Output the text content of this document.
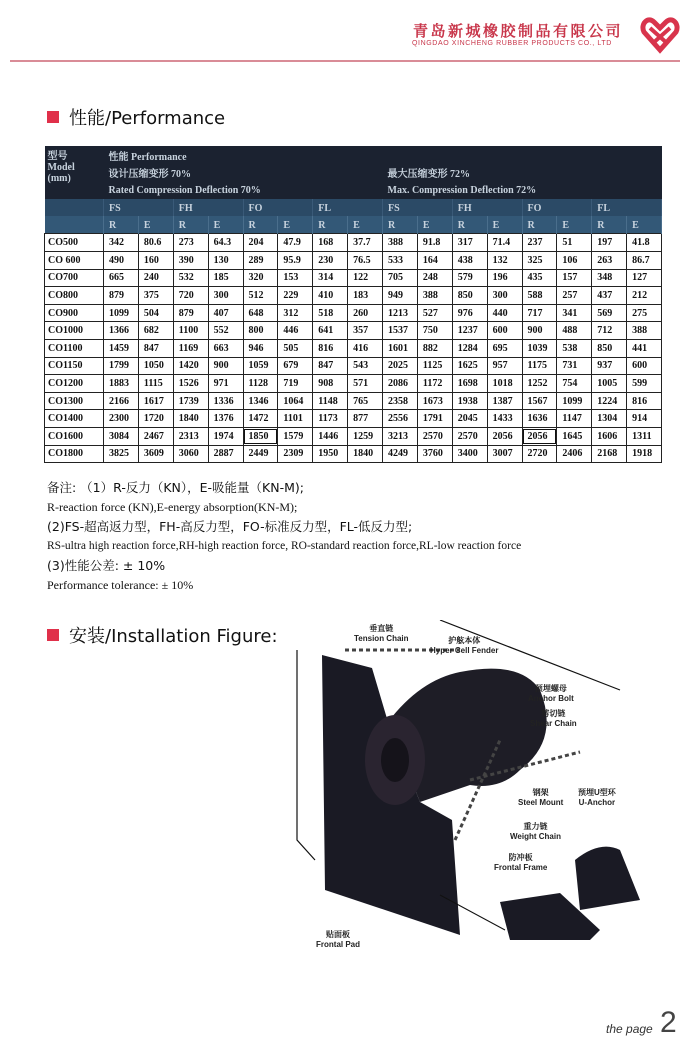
青岛新城橡胶制品有限公司
QINGDAO XINCHENG RUBBER PRODUCTS CO., LTD
性能/Performance
型号
Model
(mm)	性能 Performance															
	设计压缩变形 70%								最大压缩变形 72%							
	Rated Compression Deflection 70%								Max. Compression Deflection 72%							
	FS		FH		FO		FL		FS		FH		FO		FL	
	R	E	R	E	R	E	R	E	R	E	R	E	R	E	R	E
CO500	342	80.6	273	64.3	204	47.9	168	37.7	388	91.8	317	71.4	237	51	197	41.8
CO 600	490	160	390	130	289	95.9	230	76.5	533	164	438	132	325	106	263	86.7
CO700	665	240	532	185	320	153	314	122	705	248	579	196	435	157	348	127
CO800	879	375	720	300	512	229	410	183	949	388	850	300	588	257	437	212
CO900	1099	504	879	407	648	312	518	260	1213	527	976	440	717	341	569	275
CO1000	1366	682	1100	552	800	446	641	357	1537	750	1237	600	900	488	712	388
CO1100	1459	847	1169	663	946	505	816	416	1601	882	1284	695	1039	538	850	441
CO1150	1799	1050	1420	900	1059	679	847	543	2025	1125	1625	957	1175	731	937	600
CO1200	1883	1115	1526	971	1128	719	908	571	2086	1172	1698	1018	1252	754	1005	599
CO1300	2166	1617	1739	1336	1346	1064	1148	765	2358	1673	1938	1387	1567	1099	1224	816
CO1400	2300	1720	1840	1376	1472	1101	1173	877	2556	1791	2045	1433	1636	1147	1304	914
CO1600	3084	2467	2313	1974	1850	1579	1446	1259	3213	2570	2570	2056	2056	1645	1606	1311
CO1800	3825	3609	3060	2887	2449	2309	1950	1840	4249	3760	3400	3007	2720	2406	2168	1918
备注: （1）R-反力（KN），E-吸能量（KN-M);
R-reaction force (KN),E-energy absorption(KN-M);
(2)FS-超高返力型，FH-高反力型，FO-标准反力型，FL-低反力型;
RS-ultra high reaction force,RH-high reaction force, RO-standard reaction force,RL-low reaction force
(3)性能公差: ± 10%
Performance tolerance: ± 10%
安装/Installation Figure:	垂直链
Tension Chain	护舷本体
Hyper Cell Fender
预埋螺母
Anchor Bolt
剪切链
Shear Chain
钢架
Steel Mount
预埋U型环
U-Anchor
重力链
Weight Chain
防冲板
Frontal Frame
贴面板
Frontal Pad
the page 2
